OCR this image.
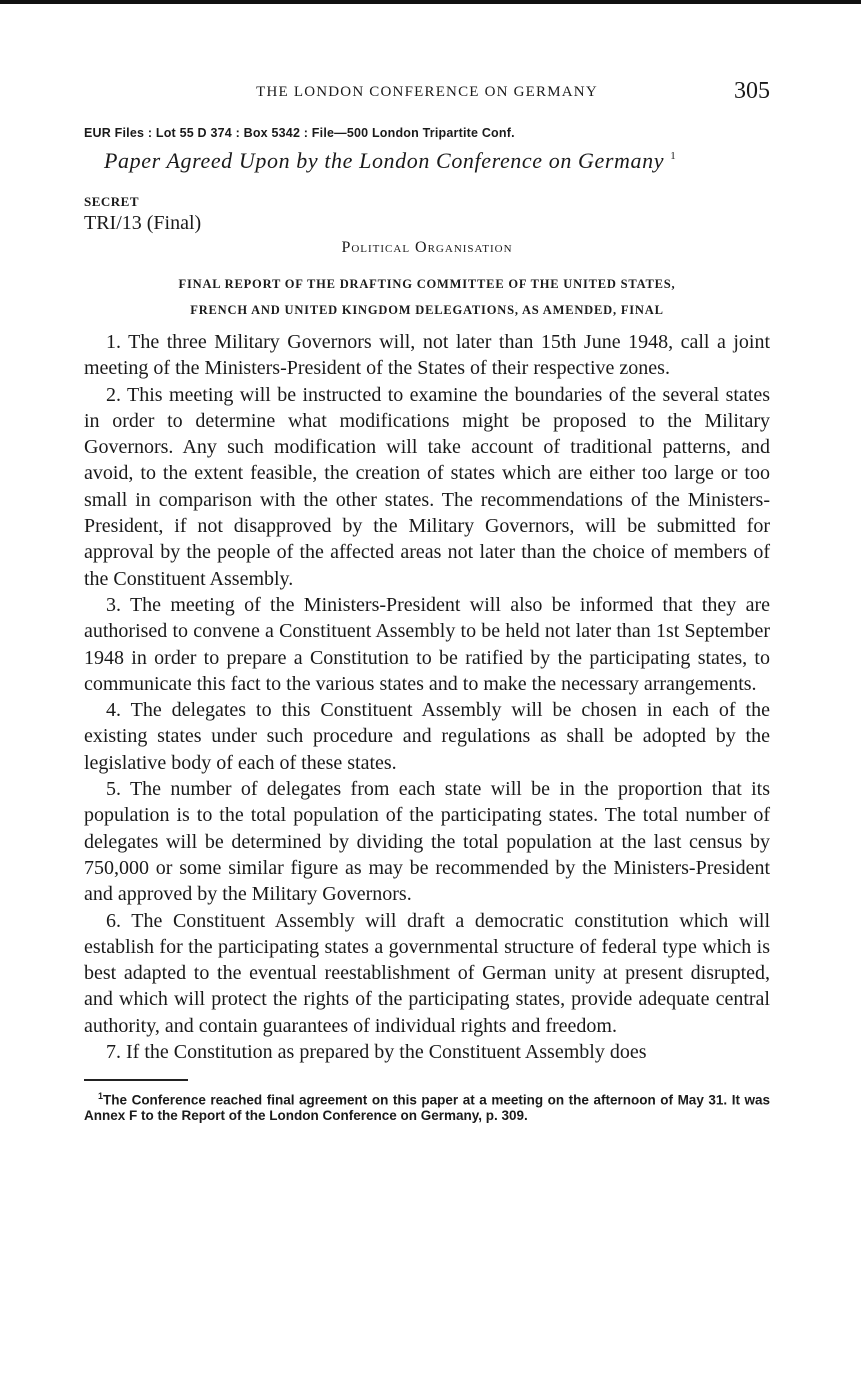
THE LONDON CONFERENCE ON GERMANY	305
EUR Files : Lot 55 D 374 : Box 5342 : File—500 London Tripartite Conf.
Paper Agreed Upon by the London Conference on Germany $^1$
SECRET
TRI/13 (Final)
Political Organisation
FINAL REPORT OF THE DRAFTING COMMITTEE OF THE UNITED STATES,
FRENCH AND UNITED KINGDOM DELEGATIONS, AS AMENDED, FINAL

1. The three Military Governors will, not later than 15th June 1948, call a joint meeting of the Ministers-President of the States of their respective zones.

2. This meeting will be instructed to examine the boundaries of the several states in order to determine what modifications might be proposed to the Military Governors. Any such modification will take account of traditional patterns, and avoid, to the extent feasible, the creation of states which are either too large or too small in comparison with the other states. The recommendations of the Ministers-President, if not disapproved by the Military Governors, will be submitted for approval by the people of the affected areas not later than the choice of members of the Constituent Assembly.

3. The meeting of the Ministers-President will also be informed that they are authorised to convene a Constituent Assembly to be held not later than 1st September 1948 in order to prepare a Constitution to be ratified by the participating states, to communicate this fact to the various states and to make the necessary arrangements.

4. The delegates to this Constituent Assembly will be chosen in each of the existing states under such procedure and regulations as shall be adopted by the legislative body of each of these states.

5. The number of delegates from each state will be in the proportion that its population is to the total population of the participating states. The total number of delegates will be determined by dividing the total population at the last census by 750,000 or some similar figure as may be recommended by the Ministers-President and approved by the Military Governors.

6. The Constituent Assembly will draft a democratic constitution which will establish for the participating states a governmental structure of federal type which is best adapted to the eventual reestablishment of German unity at present disrupted, and which will protect the rights of the participating states, provide adequate central authority, and contain guarantees of individual rights and freedom.

7. If the Constitution as prepared by the Constituent Assembly does

$^1$The Conference reached final agreement on this paper at a meeting on the afternoon of May 31. It was Annex F to the Report of the London Conference on Germany, p. 309.
